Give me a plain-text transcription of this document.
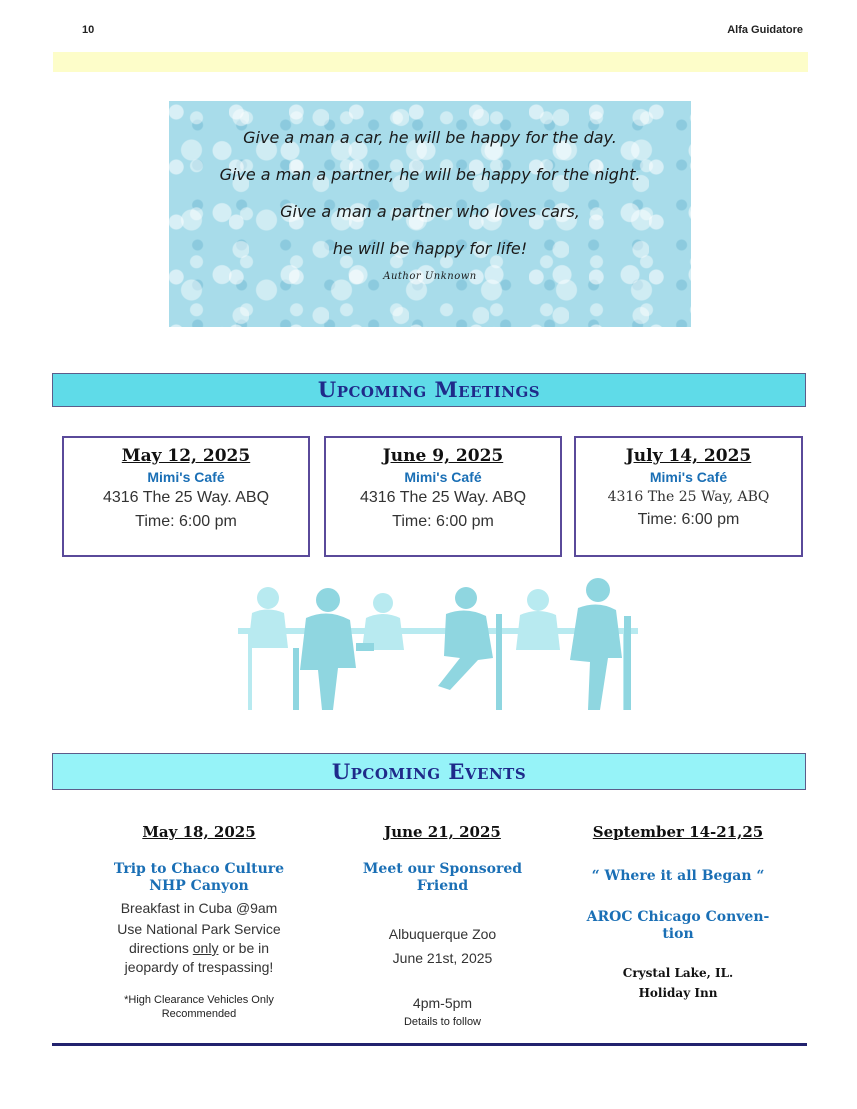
10	Alfa Guidatore
Give a man a car, he will be happy for the day.
Give a man a partner, he will be happy for the night.
Give a man a partner who loves cars,
he will be happy for life!
Author Unknown
Upcoming Meetings
May 12, 2025
Mimi's Café
4316 The 25 Way. ABQ
Time: 6:00 pm
June 9, 2025
Mimi's Café
4316 The 25 Way. ABQ
Time: 6:00 pm
July 14, 2025
Mimi's Café
4316 The 25 Way, ABQ
Time: 6:00 pm
Upcoming Events
May 18, 2025
Trip to Chaco Culture
NHP Canyon
Breakfast in Cuba @9am
Use National Park Service
directions only or be in
jeopardy of trespassing!
*High Clearance Vehicles Only
Recommended
June 21, 2025
Meet our Sponsored
Friend
Albuquerque Zoo
June 21st, 2025
4pm-5pm
Details to follow
September 14-21,25
“ Where it all Began “
AROC Chicago Conven-
tion
Crystal Lake, IL.
Holiday Inn
